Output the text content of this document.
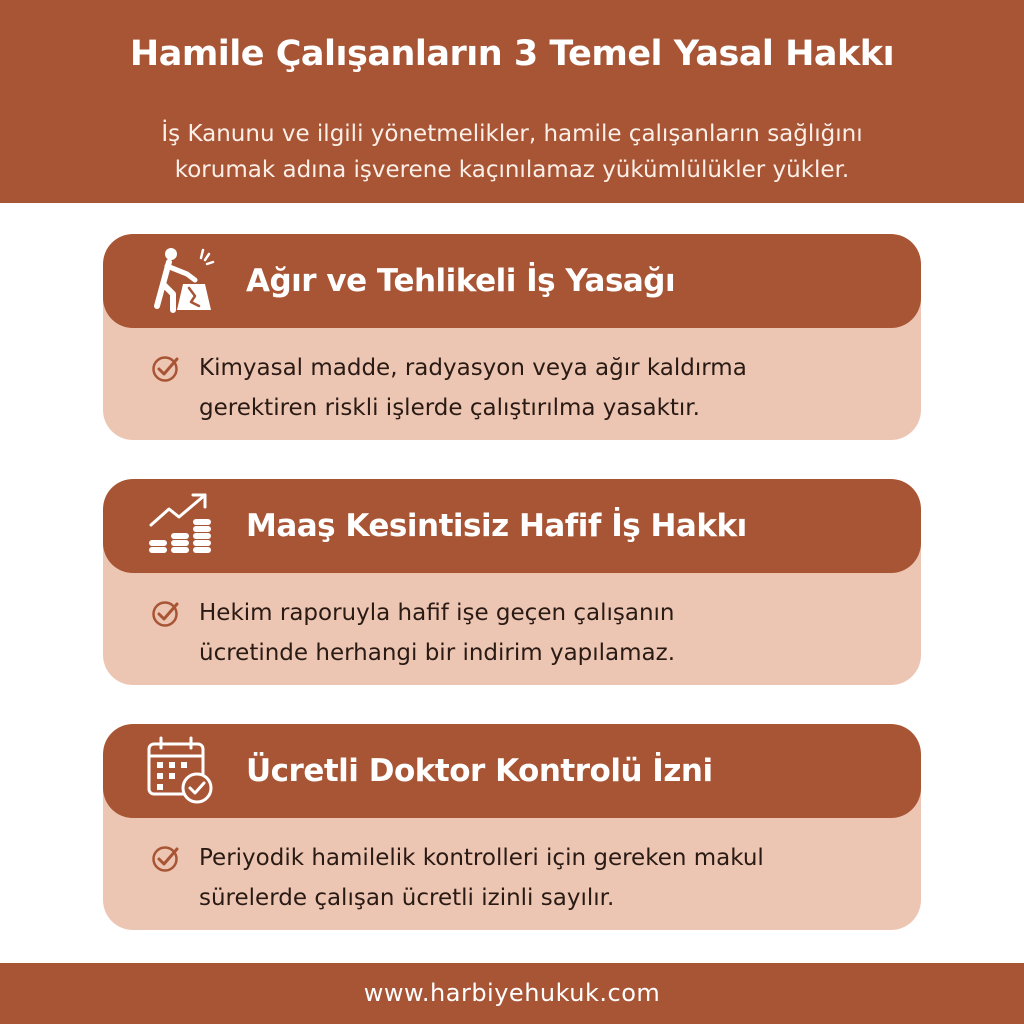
Hamile Çalışanların 3 Temel Yasal Hakkı
İş Kanunu ve ilgili yönetmelikler, hamile çalışanların sağlığını
korumak adına işverene kaçınılamaz yükümlülükler yükler.
Ağır ve Tehlikeli İş Yasağı
Kimyasal madde, radyasyon veya ağır kaldırma
gerektiren riskli işlerde çalıştırılma yasaktır.
Maaş Kesintisiz Hafif İş Hakkı
Hekim raporuyla hafif işe geçen çalışanın
ücretinde herhangi bir indirim yapılamaz.
Ücretli Doktor Kontrolü İzni
Periyodik hamilelik kontrolleri için gereken makul
sürelerde çalışan ücretli izinli sayılır.
www.harbiyehukuk.com
